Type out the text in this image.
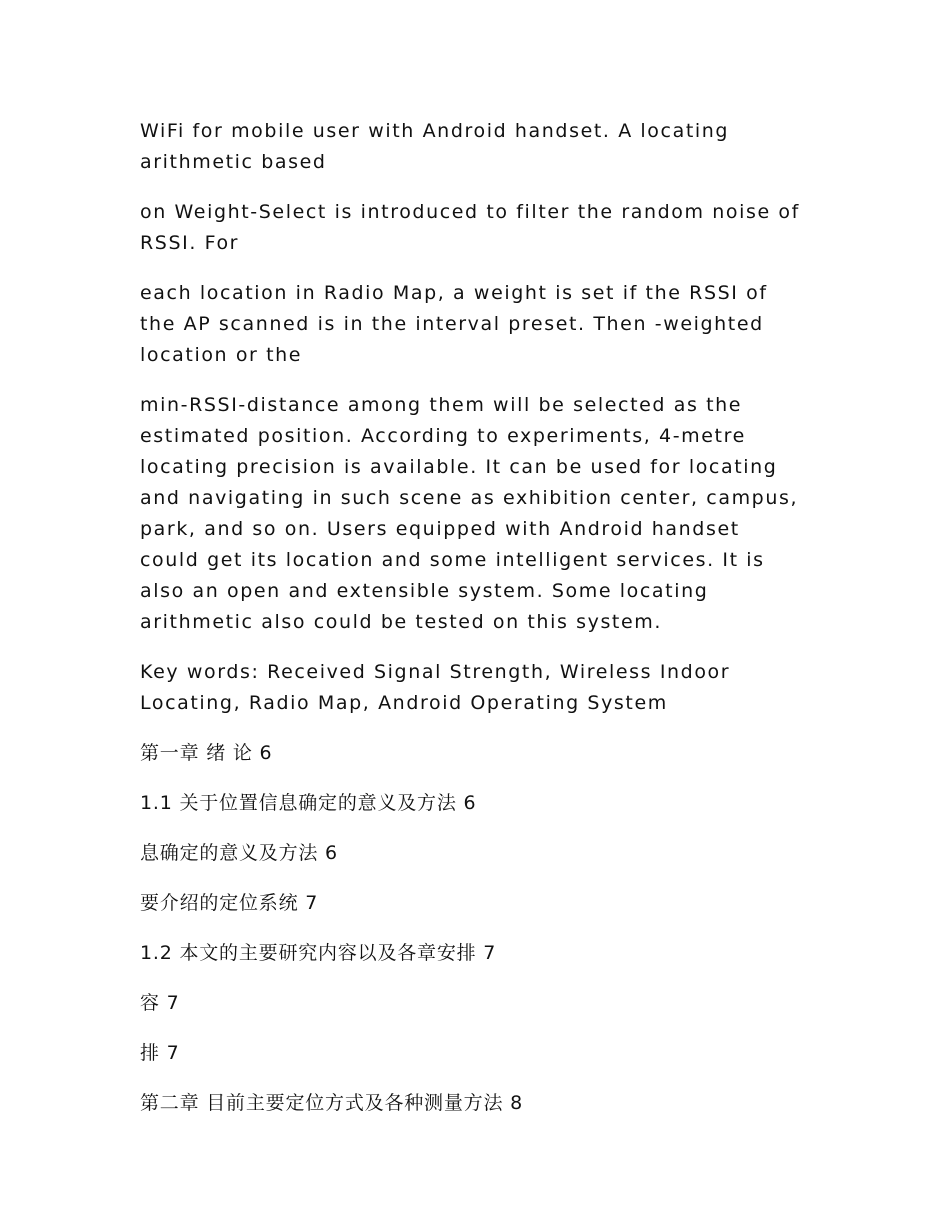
WiFi for mobile user with Android handset. A locating arithmetic based

on Weight-Select is introduced to filter the random noise of RSSI. For

each location in Radio Map, a weight is set if the RSSI of the AP scanned is in the interval preset. Then -weighted location or the

min-RSSI-distance among them will be selected as the estimated position. According to experiments, 4-metre locating precision is available. It can be used for locating and navigating in such scene as exhibition center, campus, park, and so on. Users equipped with Android handset could get its location and some intelligent services. It is also an open and extensible system. Some locating arithmetic also could be tested on this system.

Key words: Received Signal Strength, Wireless Indoor Locating, Radio Map, Android Operating System

第一章 绪 论 6

1.1 关于位置信息确定的意义及方法 6

息确定的意义及方法 6

要介绍的定位系统 7

1.2 本文的主要研究内容以及各章安排 7

容 7

排 7

第二章 目前主要定位方式及各种测量方法 8
